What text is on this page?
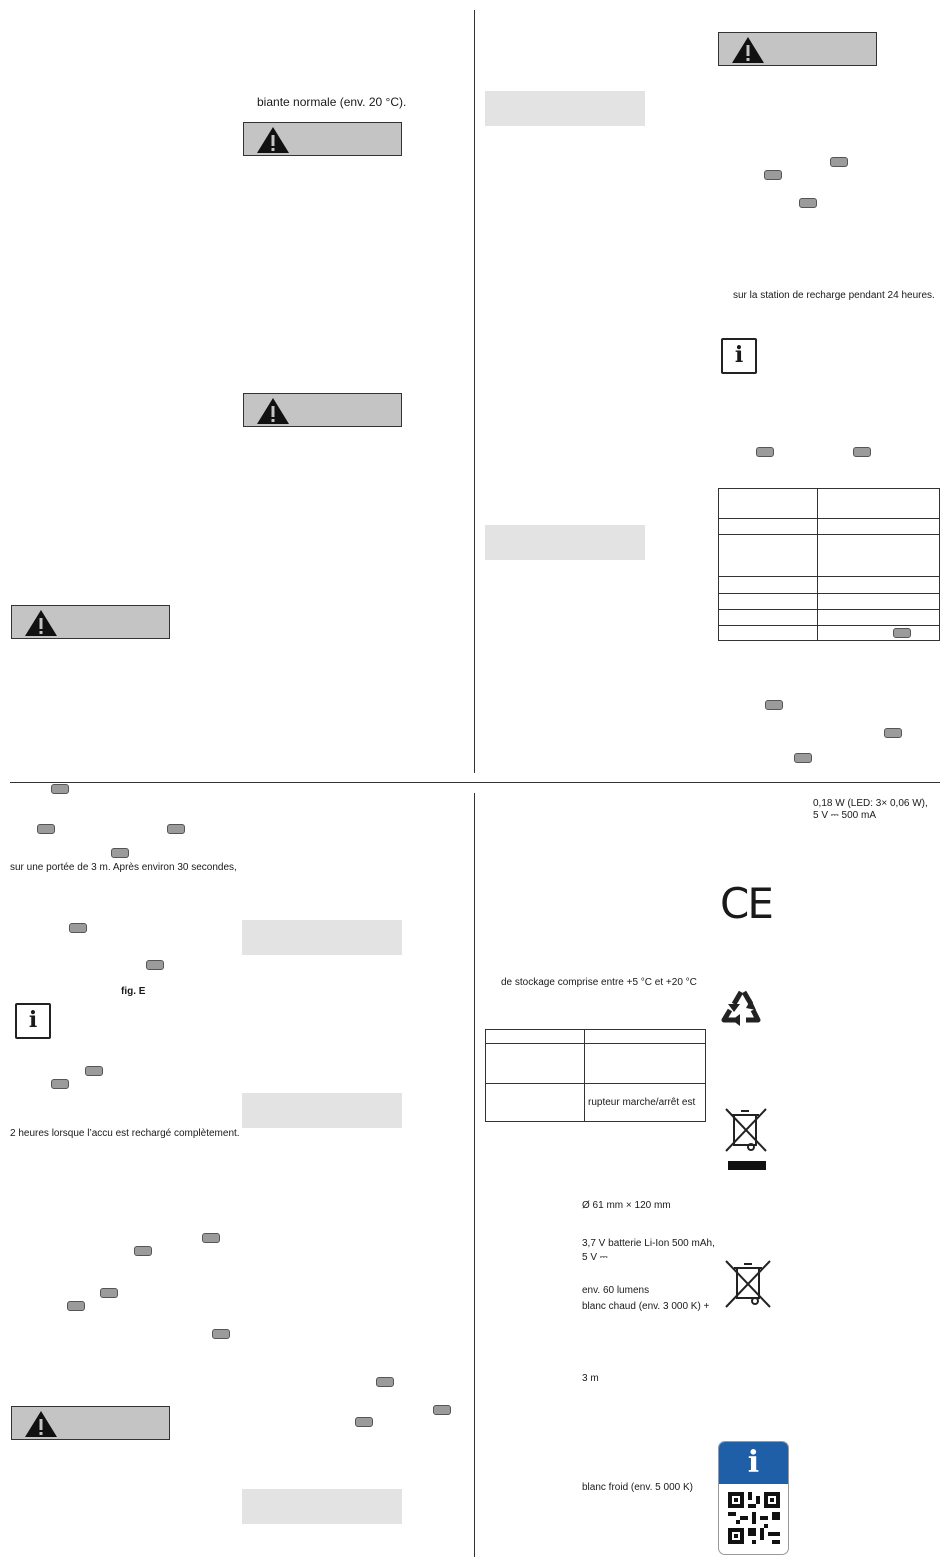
biante normale (env. 20 °C).
sur la station de recharge pendant 24 heures.
i

sur une portée de 3 m. Après environ 30 secondes,
fig. E
i
2 heures lorsque l’accu est rechargé complètement.
0,18 W (LED: 3× 0,06 W),
5 V ⎓ 500 mA
CE
de stockage comprise entre +5 °C et +20 °C

	rupteur marche/arrêt est
Ø 61 mm × 120 mm
3,7 V batterie Li-Ion 500 mAh,
5 V ⎓
env. 60 lumens
blanc chaud (env. 3 000 K) +
3 m
blanc froid (env. 5 000 K)
i
